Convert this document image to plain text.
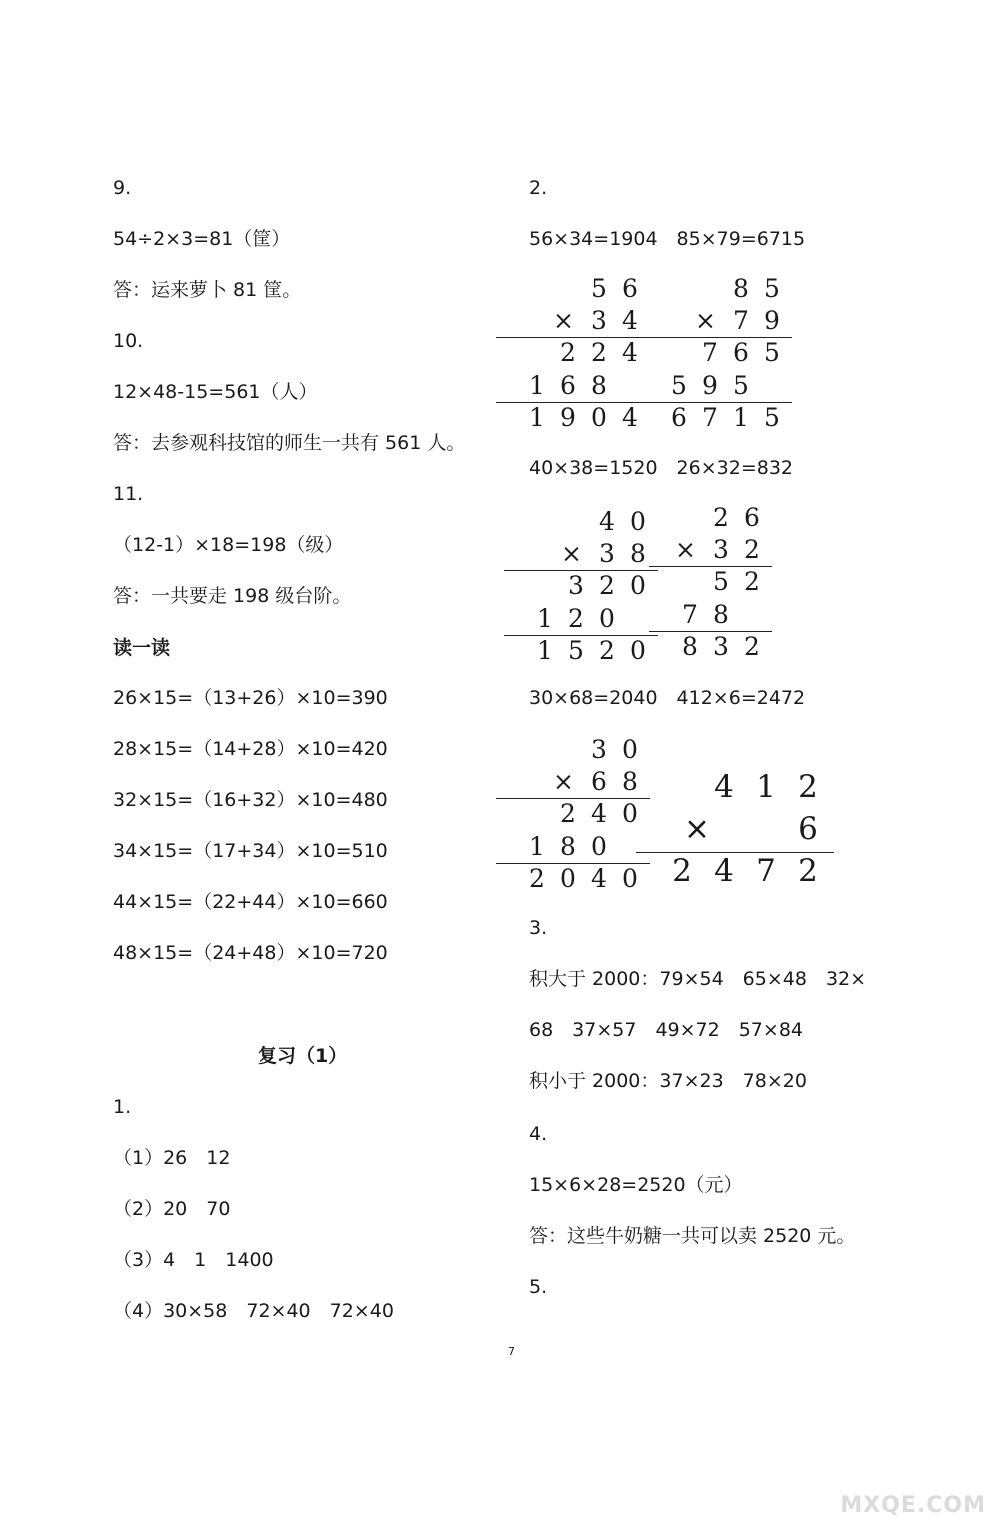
9.
54÷2×3=81（筐）
答：运来萝卜 81 筐。
10.
12×48-15=561（人）
答：去参观科技馆的师生一共有 561 人。
11.
（12-1）×18=198（级）
答：一共要走 198 级台阶。
读一读
26×15=（13+26）×10=390
28×15=（14+28）×10=420
32×15=（16+32）×10=480
34×15=（17+34）×10=510
44×15=（22+44）×10=660
48×15=（24+48）×10=720
1.
（1）26　12
（2）20　70
（3）4　1　1400
（4）30×58　72×40　72×40
2.
56×34=1904　85×79=6715
40×38=1520　26×32=832
30×68=2040　412×6=2472
3.
积大于 2000：79×54　65×48　32×
68　37×57　49×72　57×84
积小于 2000：37×23　78×20
4.
15×6×28=2520（元）
答：这些牛奶糖一共可以卖 2520 元。
5.
复习（1）
5 6
3 4
×
2 2 4
1 6 8
1 9 0 4
8 5
7 9
×
7 6 5
5 9 5
6 7 1 5
4 0
3 8
×
3 2 0
1 2 0
1 5 2 0
2 6
3 2
×
5 2
7 8
8 3 2
3 0
6 8
×
2 4 0
1 8 0
2 0 4 0
4 1 2
6
×
2 4 7 2
7
MXQE.COM
